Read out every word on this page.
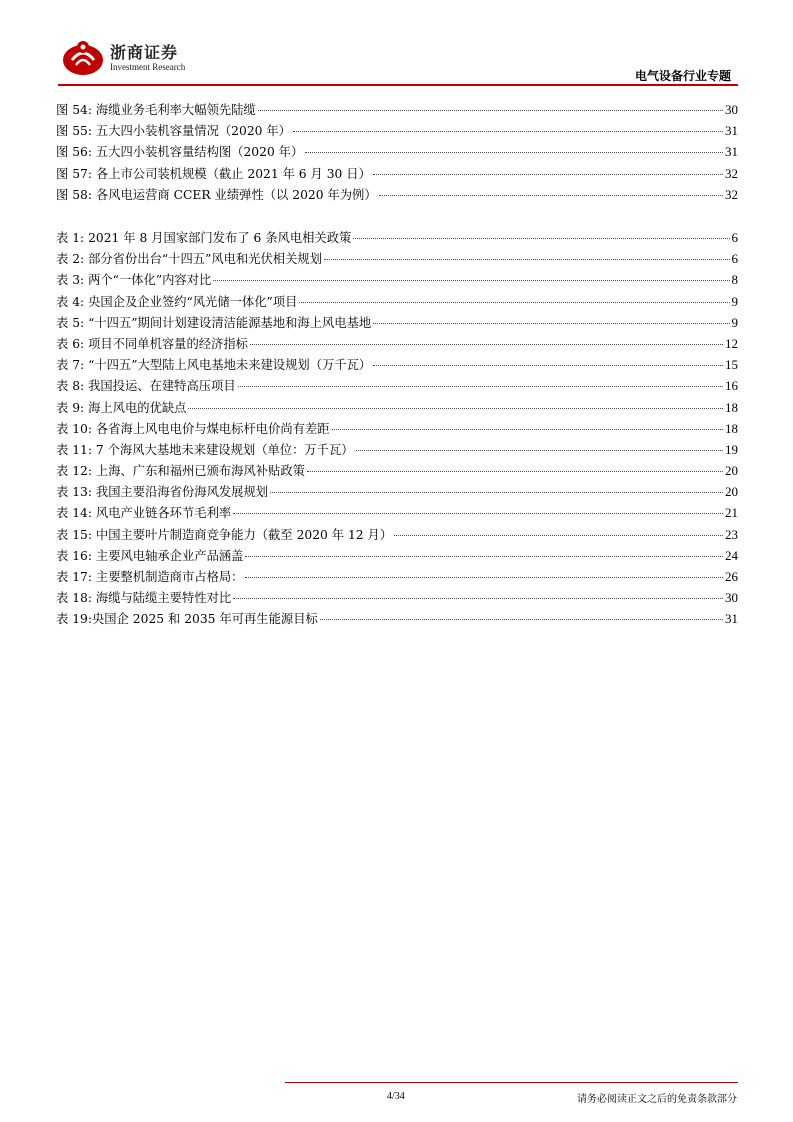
浙商证券
Investment Research
电气设备行业专题
图 54: 海缆业务毛利率大幅领先陆缆	30
图 55: 五大四小装机容量情况（2020 年）	31
图 56: 五大四小装机容量结构图（2020 年）	31
图 57: 各上市公司装机规模（截止 2021 年 6 月 30 日）	32
图 58: 各风电运营商 CCER 业绩弹性（以 2020 年为例）	32
表 1: 2021 年 8 月国家部门发布了 6 条风电相关政策	6
表 2: 部分省份出台“十四五”风电和光伏相关规划	6
表 3: 两个“一体化”内容对比	8
表 4: 央国企及企业签约“风光储一体化”项目	9
表 5: “十四五”期间计划建设清洁能源基地和海上风电基地	9
表 6: 项目不同单机容量的经济指标	12
表 7: “十四五”大型陆上风电基地未来建设规划（万千瓦）	15
表 8: 我国投运、在建特高压项目	16
表 9: 海上风电的优缺点	18
表 10: 各省海上风电电价与煤电标杆电价尚有差距	18
表 11: 7 个海风大基地未来建设规划（单位：万千瓦）	19
表 12: 上海、广东和福州已颁布海风补贴政策	20
表 13: 我国主要沿海省份海风发展规划	20
表 14: 风电产业链各环节毛利率	21
表 15: 中国主要叶片制造商竞争能力（截至 2020 年 12 月）	23
表 16: 主要风电轴承企业产品涵盖	24
表 17: 主要整机制造商市占格局：	26
表 18: 海缆与陆缆主要特性对比	30
表 19:央国企 2025 和 2035 年可再生能源目标	31
4/34	请务必阅读正文之后的免责条款部分
